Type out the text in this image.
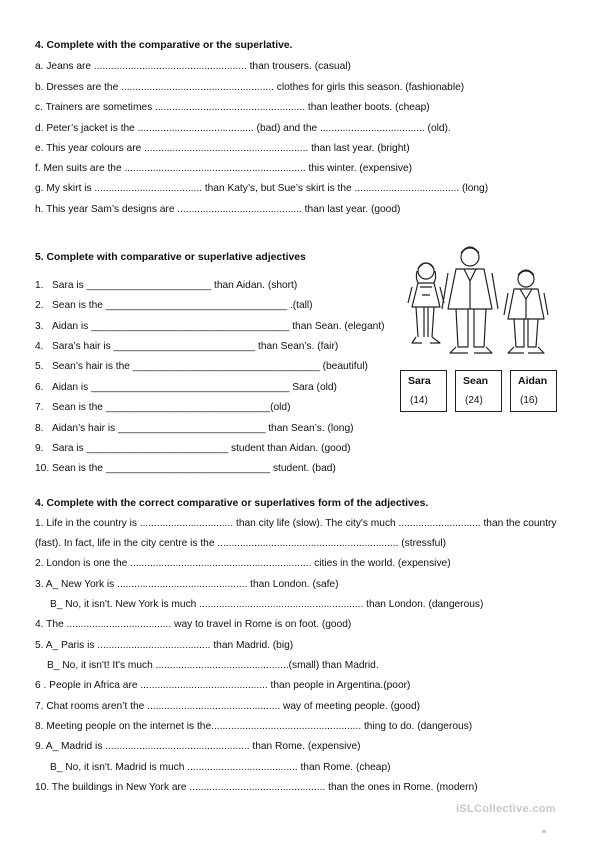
4. Complete with the comparative or the superlative.
a. Jeans are ...................................................... than trousers. (casual)
b. Dresses are the ...................................................... clothes for girls this season. (fashionable)
c. Trainers are sometimes ..................................................... than leather boots. (cheap)
d. Peter’s jacket is the ......................................... (bad) and the ..................................... (old).
e. This year colours are .......................................................... than last year. (bright)
f. Men suits are the ................................................................ this winter. (expensive)
g. My skirt is ...................................... than Katy’s, but Sue’s skirt is the ..................................... (long)
h. This year Sam’s designs are ............................................ than last year. (good)
5. Complete with comparative or superlative adjectives
1. Sara is ______________________ than Aidan. (short)
2. Sean is the ________________________________ .(tall)
3. Aidan is ___________________________________ than Sean. (elegant)
4. Sara’s hair is _________________________ than Sean’s. (fair)
5. Sean’s hair is the _________________________________ (beautiful)
6. Aidan is ___________________________________ Sara (old)
7. Sean is the _____________________________(old)
8. Aidan’s hair is __________________________ than Sean’s. (long)
9. Sara is _________________________ student than Aidan. (good)
10. Sean is the _____________________________ student. (bad)
Sara
(14)
Sean
(24)
Aidan
(16)
4. Complete with the correct comparative or superlatives form of the adjectives.
1. Life in the country is ................................. than city life (slow). The city's much ............................. than the country
(fast). In fact, life in the city centre is the ................................................................ (stressful)
2. London is one the ................................................................ cities in the world. (expensive)
3. A_ New York is .............................................. than London. (safe)
B_ No, it isn't. New York is much .......................................................... than London. (dangerous)
4. The ..................................... way to travel in Rome is on foot. (good)
5. A_ Paris is ........................................ than Madrid. (big)
B_ No, it isn't! It's much ...............................................(small) than Madrid.
6 . People in Africa are ............................................. than people in Argentina.(poor)
7. Chat rooms aren’t the ............................................... way of meeting people. (good)
8. Meeting people on the internet is the..................................................... thing to do. (dangerous)
9. A_ Madrid is ................................................... than Rome. (expensive)
B_ No, it isn't. Madrid is much ....................................... than Rome. (cheap)
10. The buildings in New York are ................................................ than the ones in Rome. (modern)
iSLCollective.com
